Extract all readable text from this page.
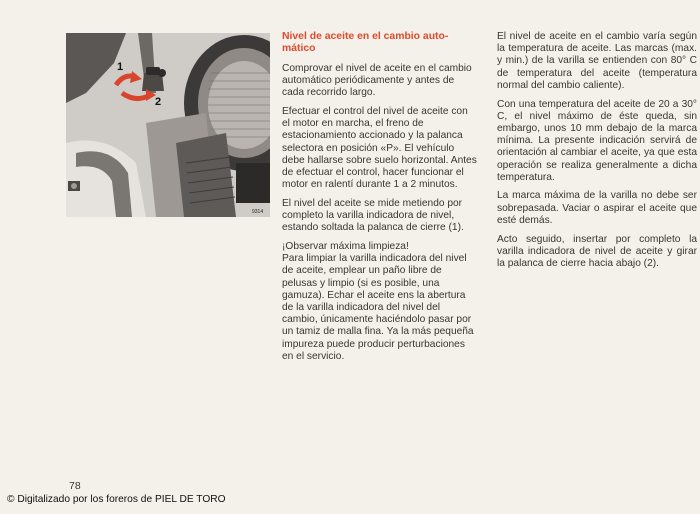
1
2
9314
Nivel de aceite en el cambio auto-
mático

Comprovar el nivel de aceite en el cambio automático periódicamente y antes de cada recorrido largo.

Efectuar el control del nivel de aceite con el motor en marcha, el freno de estacionamiento accionado y la palanca selectora en posición «P». El vehículo debe hallarse sobre suelo horizontal. Antes de efectuar el control, hacer funcionar el motor en ralentí durante 1 a 2 minutos.

El nivel del aceite se mide metiendo por completo la varilla indicadora de nivel, estando soltada la palanca de cierre (1).

¡Observar máxima limpieza!
Para limpiar la varilla indicadora del nivel de aceite, emplear un paño libre de pelusas y limpio (si es posible, una gamuza). Echar el aceite ens la abertura de la varilla indicadora del nivel del cambio, únicamente haciéndolo pasar por un tamiz de malla fina. Ya la más pequeña impureza puede producir perturbaciones en el servicio.

El nivel de aceite en el cambio varía según la temperatura de aceite. Las marcas (max. y min.) de la varilla se entienden con 80° C de temperatura del aceite (temperatura normal del cambio caliente).

Con una temperatura del aceite de 20 a 30° C, el nivel máximo de éste queda, sin embargo, unos 10 mm debajo de la marca mínima. La presente indicación servirá de orientación al cambiar el aceite, ya que esta operación se realiza generalmente a dicha temperatura.

La marca máxima de la varilla no debe ser sobrepasada. Vaciar o aspirar el aceite que esté demás.

Acto seguido, insertar por completo la varilla indicadora de nivel de aceite y girar la palanca de cierre hacia abajo (2).

78
© Digitalizado por los foreros de PIEL DE TORO
